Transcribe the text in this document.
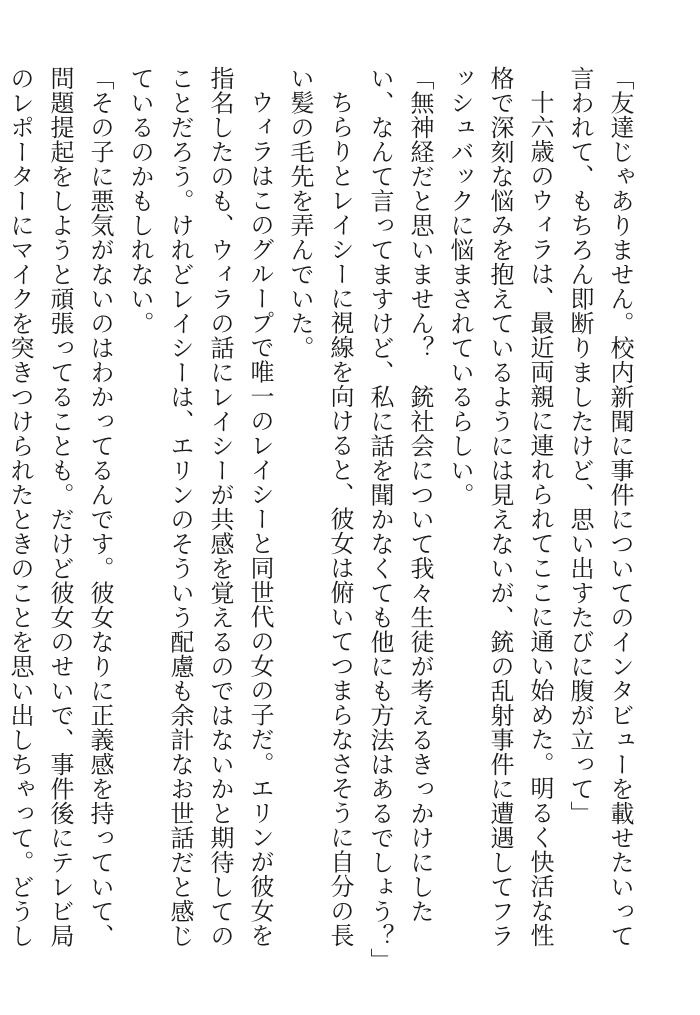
「友達じゃありません。校内新聞に事件についてのインタビューを載せたいって言われて、もちろん即断りましたけど、思い出すたびに腹が立って」

十六歳のウィラは、最近両親に連れられてここに通い始めた。明るく快活な性格で深刻な悩みを抱えているようには見えないが、銃の乱射事件に遭遇してフラッシュバックに悩まされているらしい。

「無神経だと思いません？　銃社会について我々生徒が考えるきっかけにしたい、なんて言ってますけど、私に話を聞かなくても他にも方法はあるでしょう？」

ちらりとレイシーに視線を向けると、彼女は俯いてつまらなさそうに自分の長い髪の毛先を弄んでいた。

ウィラはこのグループで唯一のレイシーと同世代の女の子だ。エリンが彼女を指名したのも、ウィラの話にレイシーが共感を覚えるのではないかと期待してのことだろう。けれどレイシーは、エリンのそういう配慮も余計なお世話だと感じているのかもしれない。

「その子に悪気がないのはわかってるんです。彼女なりに正義感を持っていて、問題提起をしようと頑張ってることも。だけど彼女のせいで、事件後にテレビ局のレポーターにマイクを突きつけられたときのことを思い出しちゃって。どうし
